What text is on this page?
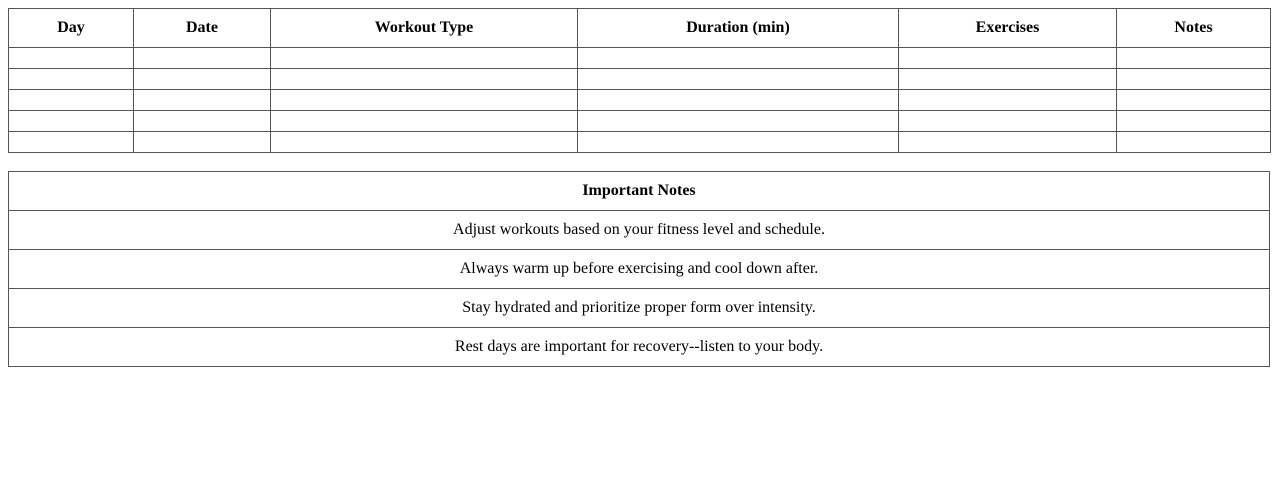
Day	Date	Workout Type	Duration (min)	Exercises	Notes

Important Notes
Adjust workouts based on your fitness level and schedule.
Always warm up before exercising and cool down after.
Stay hydrated and prioritize proper form over intensity.
Rest days are important for recovery--listen to your body.
